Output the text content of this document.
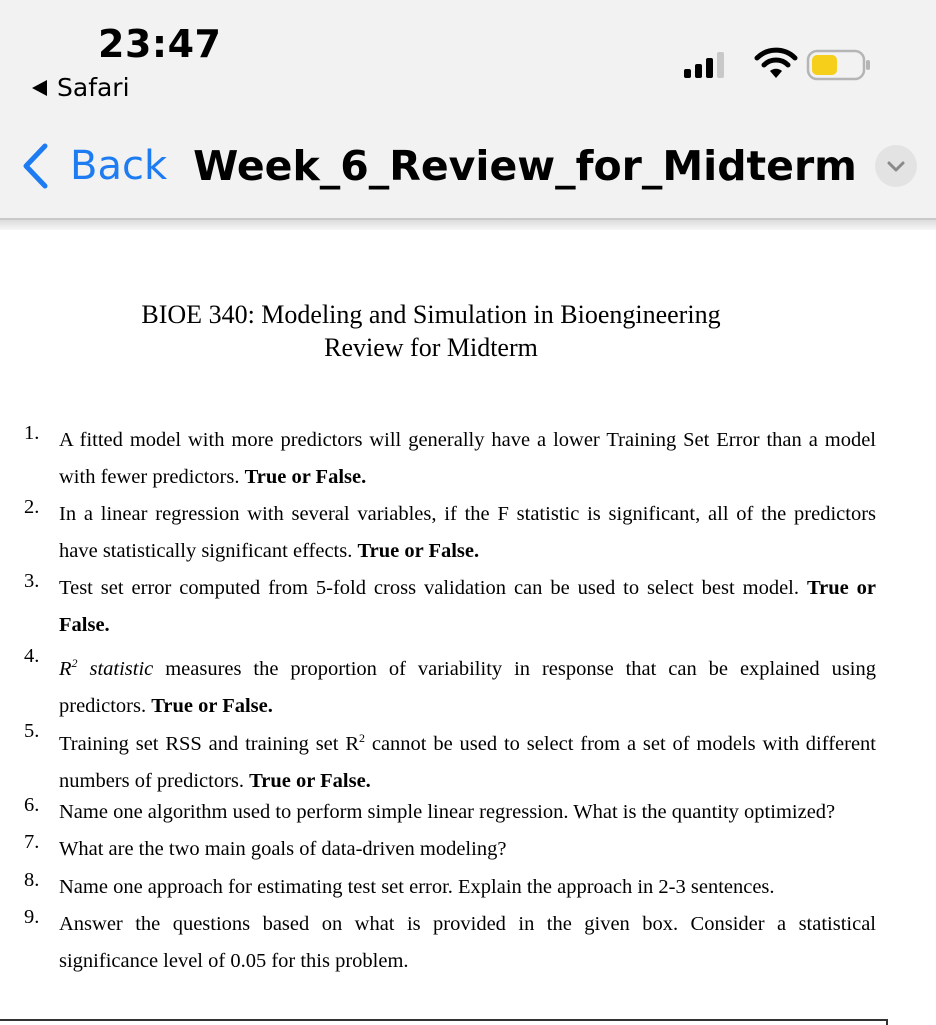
23:47
Safari
Back Week_6_Review_for_Midterm
BIOE 340: Modeling and Simulation in Bioengineering
Review for Midterm
1. A fitted model with more predictors will generally have a lower Training Set Error than a model with fewer predictors. True or False.
2. In a linear regression with several variables, if the F statistic is significant, all of the predictors have statistically significant effects. True or False.
3. Test set error computed from 5-fold cross validation can be used to select best model. True or False.
4.
$R^2$ statistic measures the proportion of variability in response that can be explained using predictors. True or False.
5.
Training set RSS and training set $R^2$ cannot be used to select from a set of models with different numbers of predictors. True or False.
6. Name one algorithm used to perform simple linear regression. What is the quantity optimized?
7. What are the two main goals of data-driven modeling?
8. Name one approach for estimating test set error. Explain the approach in 2-3 sentences.
9. Answer the questions based on what is provided in the given box. Consider a statistical significance level of 0.05 for this problem.
